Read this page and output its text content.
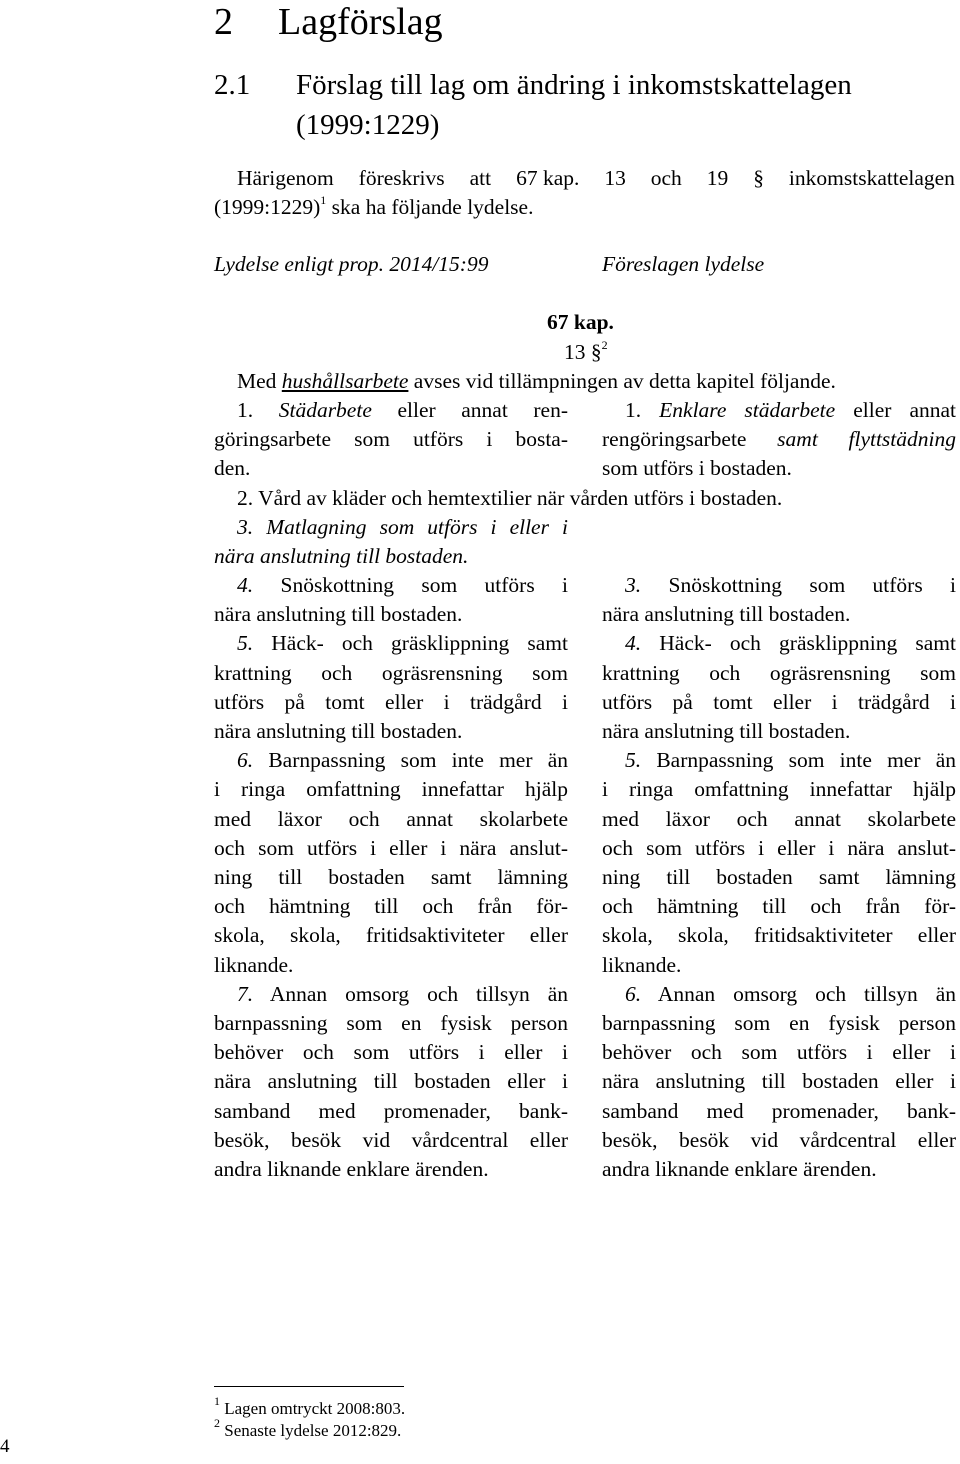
2 Lagförslag
2.1 Förslag till lag om ändring i inkomstskattelagen
(1999:1229)
Härigenom föreskrivs att 67 kap. 13 och 19 § inkomstskattelagen
(1999:1229)$^1$ ska ha följande lydelse.
Lydelse enligt prop. 2014/15:99	Föreslagen lydelse
67 kap.
13 §$^2$
Med hushållsarbete avses vid tillämpningen av detta kapitel följande.
1. Städarbete eller annat ren-
göringsarbete som utförs i bosta-
den.
1. Enklare städarbete eller annat
rengöringsarbete samt flyttstädning
som utförs i bostaden.
2. Vård av kläder och hemtextilier när vården utförs i bostaden.
3. Matlagning som utförs i eller i
nära anslutning till bostaden.
4. Snöskottning som utförs i
nära anslutning till bostaden.
5. Häck- och gräsklippning samt
krattning och ogräsrensning som
utförs på tomt eller i trädgård i
nära anslutning till bostaden.
6. Barnpassning som inte mer än
i ringa omfattning innefattar hjälp
med läxor och annat skolarbete
och som utförs i eller i nära anslut-
ning till bostaden samt lämning
och hämtning till och från för-
skola, skola, fritidsaktiviteter eller
liknande.
7. Annan omsorg och tillsyn än
barnpassning som en fysisk person
behöver och som utförs i eller i
nära anslutning till bostaden eller i
samband med promenader, bank-
besök, besök vid vårdcentral eller
andra liknande enklare ärenden.
3. Snöskottning som utförs i
nära anslutning till bostaden.
4. Häck- och gräsklippning samt
krattning och ogräsrensning som
utförs på tomt eller i trädgård i
nära anslutning till bostaden.
5. Barnpassning som inte mer än
i ringa omfattning innefattar hjälp
med läxor och annat skolarbete
och som utförs i eller i nära anslut-
ning till bostaden samt lämning
och hämtning till och från för-
skola, skola, fritidsaktiviteter eller
liknande.
6. Annan omsorg och tillsyn än
barnpassning som en fysisk person
behöver och som utförs i eller i
nära anslutning till bostaden eller i
samband med promenader, bank-
besök, besök vid vårdcentral eller
andra liknande enklare ärenden.
$^1$ Lagen omtryckt 2008:803.
$^2$ Senaste lydelse 2012:829.
4
